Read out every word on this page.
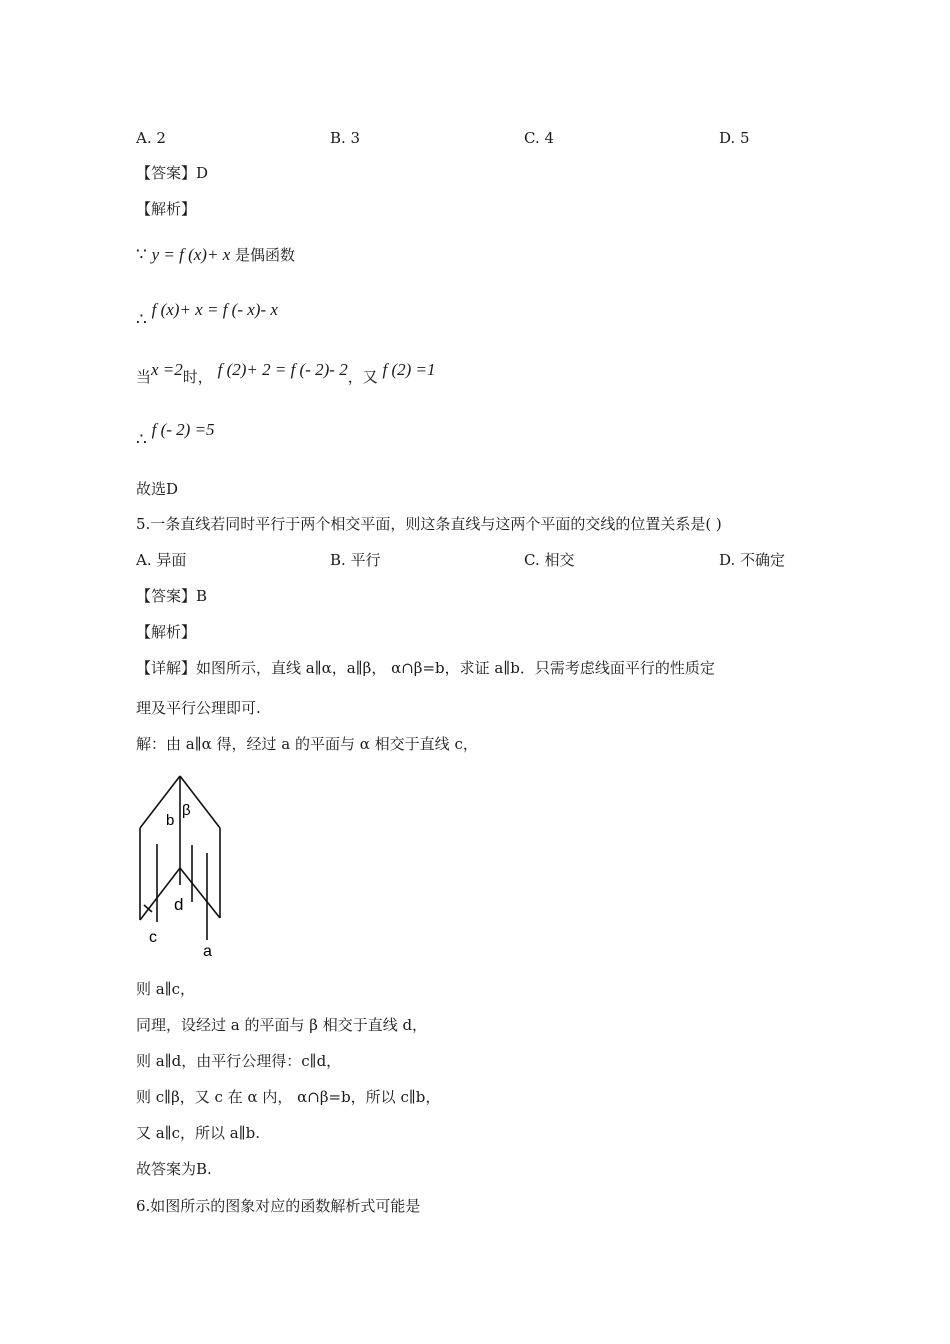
A. 2	B. 3	C. 4	D. 5
【答案】D
【解析】
∵ y = f (x)+ x 是偶函数
∴ f (x)+ x = f (- x)- x
当x =2时， f (2)+ 2 = f (- 2)- 2，又 f (2) =1
∴ f (- 2) =5
故选D
5.一条直线若同时平行于两个相交平面，则这条直线与这两个平面的交线的位置关系是( )
A. 异面	B. 平行	C. 相交	D. 不确定
【答案】B
【解析】
【详解】如图所示，直线 a∥α，a∥β， α∩β=b，求证 a∥b．只需考虑线面平行的性质定
理及平行公理即可.
解：由 a∥α 得，经过 a 的平面与 α 相交于直线 c，
b
β
d
c
a
则 a∥c，
同理，设经过 a 的平面与 β 相交于直线 d，
则 a∥d，由平行公理得：c∥d，
则 c∥β，又 c 在 α 内， α∩β=b，所以 c∥b，
又 a∥c，所以 a∥b.
故答案为B.
6.如图所示的图象对应的函数解析式可能是
